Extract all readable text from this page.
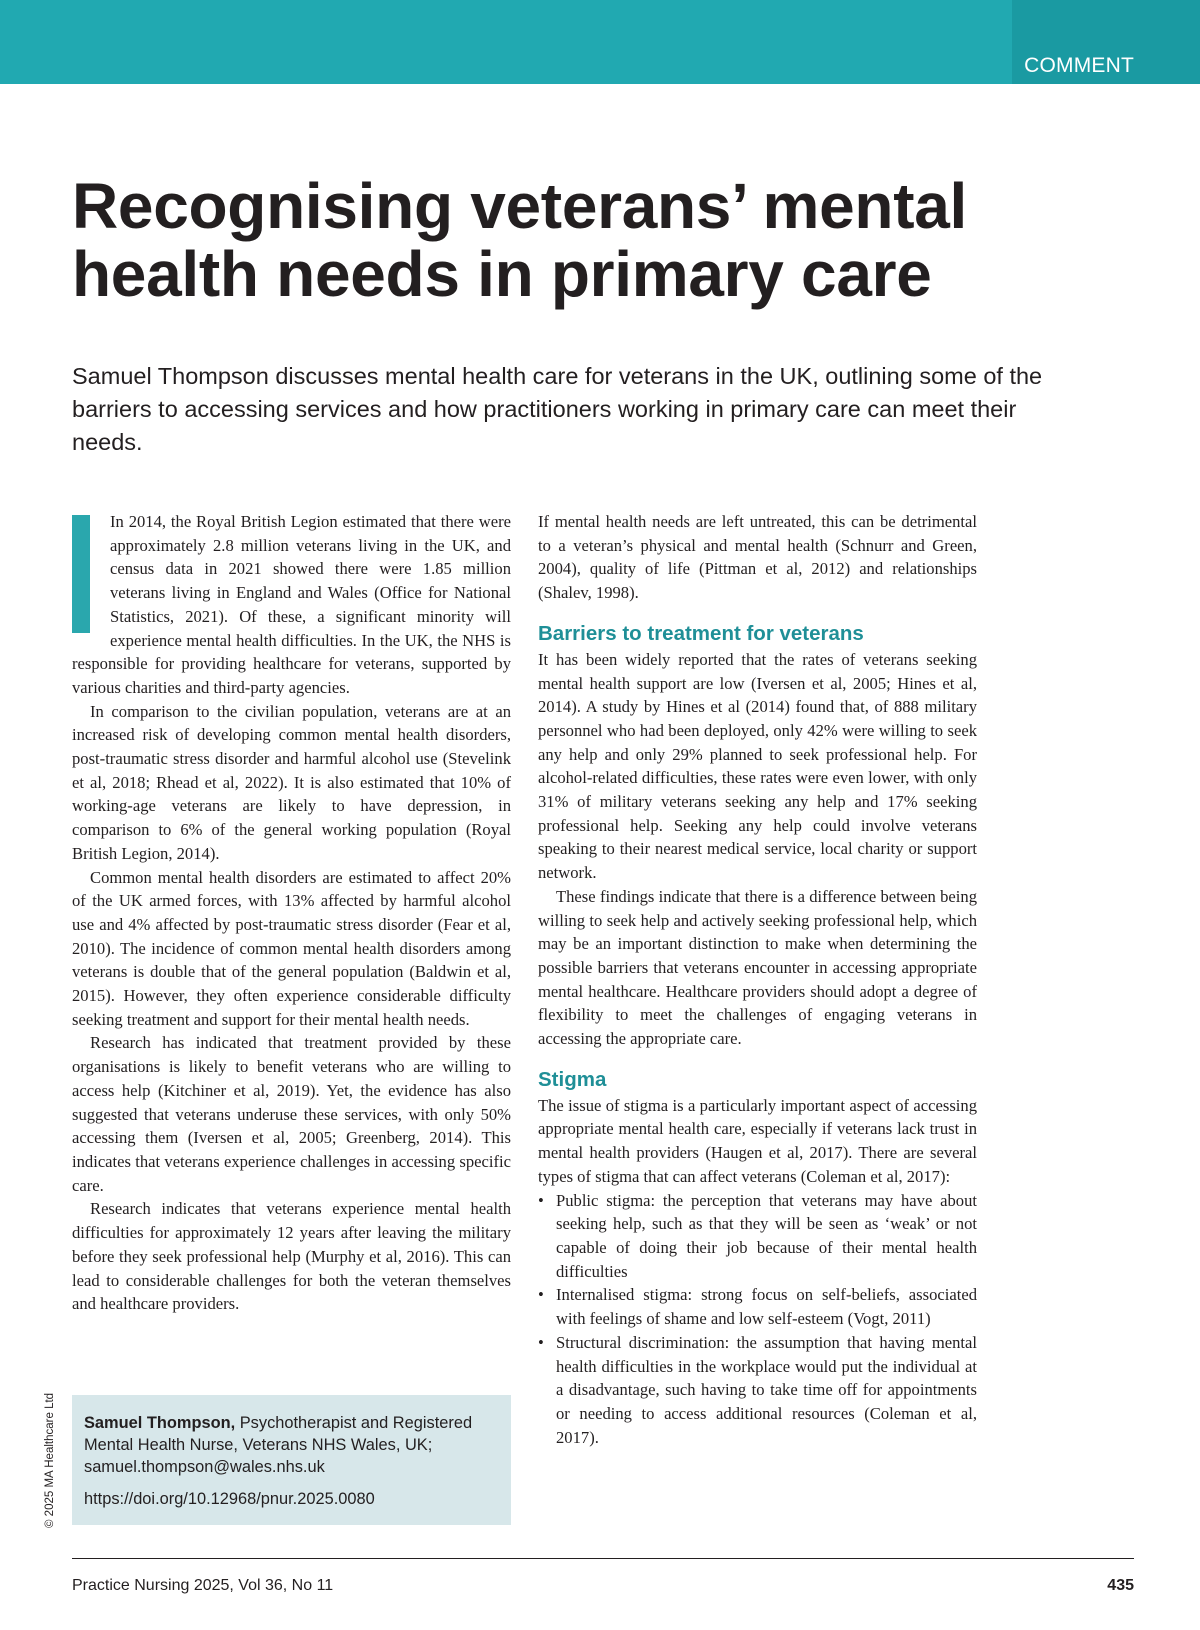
COMMENT
Recognising veterans’ mental health needs in primary care

Samuel Thompson discusses mental health care for veterans in the UK, outlining some of the barriers to accessing services and how practitioners working in primary care can meet their needs.

In 2014, the Royal British Legion estimated that there were approximately 2.8 million veterans living in the UK, and census data in 2021 showed there were 1.85 million veterans living in England and Wales (Office for National Statistics, 2021). Of these, a significant minority will experience mental health difficulties. In the UK, the NHS is responsible for providing healthcare for veterans, supported by various charities and third-party agencies.

In comparison to the civilian population, veterans are at an increased risk of developing common mental health disorders, post-traumatic stress disorder and harmful alcohol use (Stevelink et al, 2018; Rhead et al, 2022). It is also estimated that 10% of working-age veterans are likely to have depression, in comparison to 6% of the general working population (Royal British Legion, 2014).

Common mental health disorders are estimated to affect 20% of the UK armed forces, with 13% affected by harmful alcohol use and 4% affected by post-traumatic stress disorder (Fear et al, 2010). The incidence of common mental health disorders among veterans is double that of the general population (Baldwin et al, 2015). However, they often experience considerable difficulty seeking treatment and support for their mental health needs.

Research has indicated that treatment provided by these organisations is likely to benefit veterans who are willing to access help (Kitchiner et al, 2019). Yet, the evidence has also suggested that veterans underuse these services, with only 50% accessing them (Iversen et al, 2005; Greenberg, 2014). This indicates that veterans experience challenges in accessing specific care.

Research indicates that veterans experience mental health difficulties for approximately 12 years after leaving the military before they seek professional help (Murphy et al, 2016). This can lead to considerable challenges for both the veteran themselves and healthcare providers.

If mental health needs are left untreated, this can be detrimental to a veteran’s physical and mental health (Schnurr and Green, 2004), quality of life (Pittman et al, 2012) and relationships (Shalev, 1998).

Barriers to treatment for veterans

It has been widely reported that the rates of veterans seeking mental health support are low (Iversen et al, 2005; Hines et al, 2014). A study by Hines et al (2014) found that, of 888 military personnel who had been deployed, only 42% were willing to seek any help and only 29% planned to seek professional help. For alcohol-related difficulties, these rates were even lower, with only 31% of military veterans seeking any help and 17% seeking professional help. Seeking any help could involve veterans speaking to their nearest medical service, local charity or support network.

These findings indicate that there is a difference between being willing to seek help and actively seeking professional help, which may be an important distinction to make when determining the possible barriers that veterans encounter in accessing appropriate mental healthcare. Healthcare providers should adopt a degree of flexibility to meet the challenges of engaging veterans in accessing the appropriate care.

Stigma

The issue of stigma is a particularly important aspect of accessing appropriate mental health care, especially if veterans lack trust in mental health providers (Haugen et al, 2017). There are several types of stigma that can affect veterans (Coleman et al, 2017):

• Public stigma: the perception that veterans may have about seeking help, such as that they will be seen as ‘weak’ or not capable of doing their job because of their mental health difficulties
• Internalised stigma: strong focus on self-beliefs, associated with feelings of shame and low self-esteem (Vogt, 2011)
• Structural discrimination: the assumption that having mental health difficulties in the workplace would put the individual at a disadvantage, such having to take time off for appointments or needing to access additional resources (Coleman et al, 2017).
Samuel Thompson, Psychotherapist and Registered Mental Health Nurse, Veterans NHS Wales, UK; samuel.thompson@wales.nhs.uk
https://doi.org/10.12968/pnur.2025.0080
© 2025 MA Healthcare Ltd
Practice Nursing 2025, Vol 36, No 11	435
